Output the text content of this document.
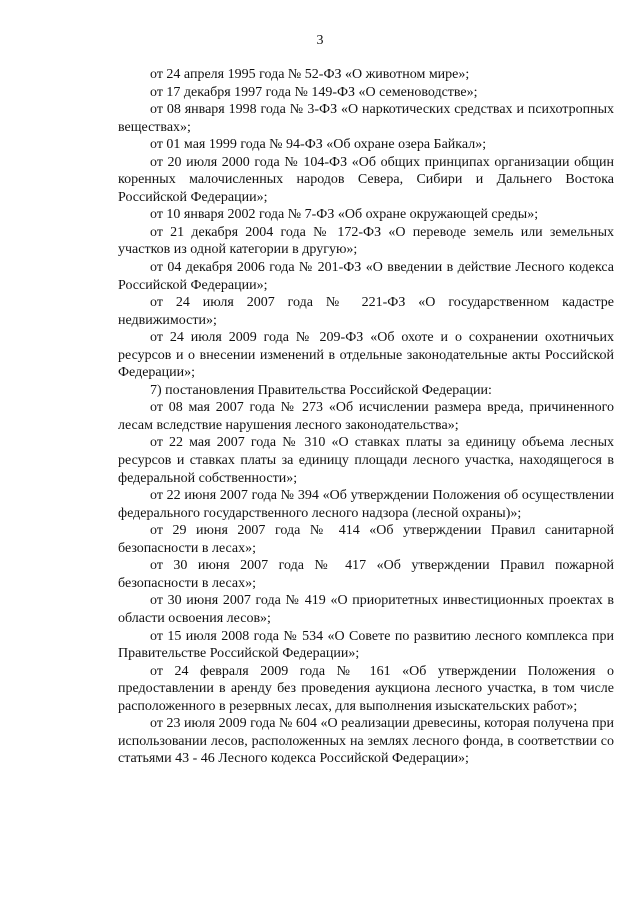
3

от 24 апреля 1995 года № 52-ФЗ «О животном мире»;

от 17 декабря 1997 года № 149-ФЗ «О семеноводстве»;

от 08 января 1998 года № 3-ФЗ «О наркотических средствах и психотропных веществах»;

от 01 мая 1999 года № 94-ФЗ «Об охране озера Байкал»;

от 20 июля 2000 года № 104-ФЗ «Об общих принципах организации общин коренных малочисленных народов Севера, Сибири и Дальнего Востока Российской Федерации»;

от 10 января 2002 года № 7-ФЗ «Об охране окружающей среды»;

от 21 декабря 2004 года № 172-ФЗ «О переводе земель или земельных участков из одной категории в другую»;

от 04 декабря 2006 года № 201-ФЗ «О введении в действие Лесного кодекса Российской Федерации»;

от 24 июля 2007 года № 221-ФЗ «О государственном кадастре недвижимости»;

от 24 июля 2009 года № 209-ФЗ «Об охоте и о сохранении охотничьих ресурсов и о внесении изменений в отдельные законодательные акты Российской Федерации»;

7) постановления Правительства Российской Федерации:

от 08 мая 2007 года № 273 «Об исчислении размера вреда, причиненного лесам вследствие нарушения лесного законодательства»;

от 22 мая 2007 года № 310 «О ставках платы за единицу объема лесных ресурсов и ставках платы за единицу площади лесного участка, находящегося в федеральной собственности»;

от 22 июня 2007 года № 394 «Об утверждении Положения об осуществлении федерального государственного лесного надзора (лесной охраны)»;

от 29 июня 2007 года № 414 «Об утверждении Правил санитарной безопасности в лесах»;

от 30 июня 2007 года № 417 «Об утверждении Правил пожарной безопасности в лесах»;

от 30 июня 2007 года № 419 «О приоритетных инвестиционных проектах в области освоения лесов»;

от 15 июля 2008 года № 534 «О Совете по развитию лесного комплекса при Правительстве Российской Федерации»;

от 24 февраля 2009 года № 161 «Об утверждении Положения о предоставлении в аренду без проведения аукциона лесного участка, в том числе расположенного в резервных лесах, для выполнения изыскательских работ»;

от 23 июля 2009 года № 604 «О реализации древесины, которая получена при использовании лесов, расположенных на землях лесного фонда, в соответствии со статьями 43 - 46 Лесного кодекса Российской Федерации»;
